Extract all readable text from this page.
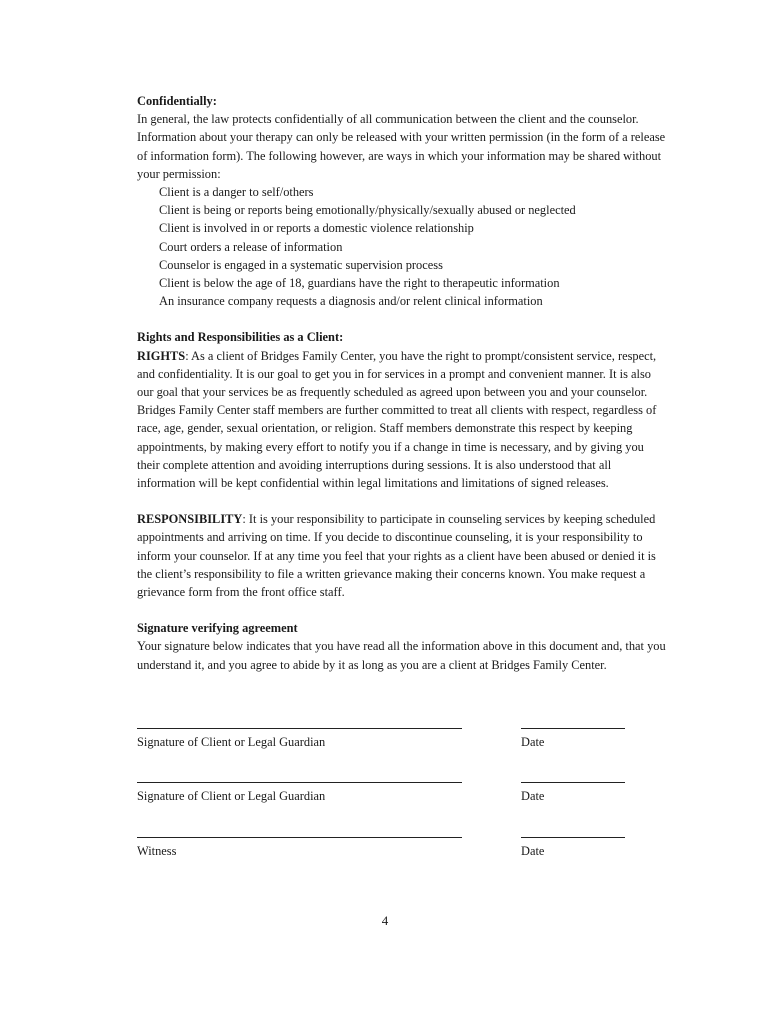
Confidentially:

In general, the law protects confidentially of all communication between the client and the counselor. Information about your therapy can only be released with your written permission (in the form of a release of information form). The following however, are ways in which your information may be shared without your permission:

Client is a danger to self/others
Client is being or reports being emotionally/physically/sexually abused or neglected
Client is involved in or reports a domestic violence relationship
Court orders a release of information
Counselor is engaged in a systematic supervision process
Client is below the age of 18, guardians have the right to therapeutic information
An insurance company requests a diagnosis and/or relent clinical information

Rights and Responsibilities as a Client:

RIGHTS: As a client of Bridges Family Center, you have the right to prompt/consistent service, respect, and confidentiality. It is our goal to get you in for services in a prompt and convenient manner. It is also our goal that your services be as frequently scheduled as agreed upon between you and your counselor. Bridges Family Center staff members are further committed to treat all clients with respect, regardless of race, age, gender, sexual orientation, or religion. Staff members demonstrate this respect by keeping appointments, by making every effort to notify you if a change in time is necessary, and by giving you their complete attention and avoiding interruptions during sessions. It is also understood that all information will be kept confidential within legal limitations and limitations of signed releases.

RESPONSIBILITY: It is your responsibility to participate in counseling services by keeping scheduled appointments and arriving on time. If you decide to discontinue counseling, it is your responsibility to inform your counselor. If at any time you feel that your rights as a client have been abused or denied it is the client’s responsibility to file a written grievance making their concerns known. You make request a grievance form from the front office staff.

Signature verifying agreement

Your signature below indicates that you have read all the information above in this document and, that you understand it, and you agree to abide by it as long as you are a client at Bridges Family Center.

Signature of Client or Legal Guardian	Date
Signature of Client or Legal Guardian	Date
Witness	Date
4
